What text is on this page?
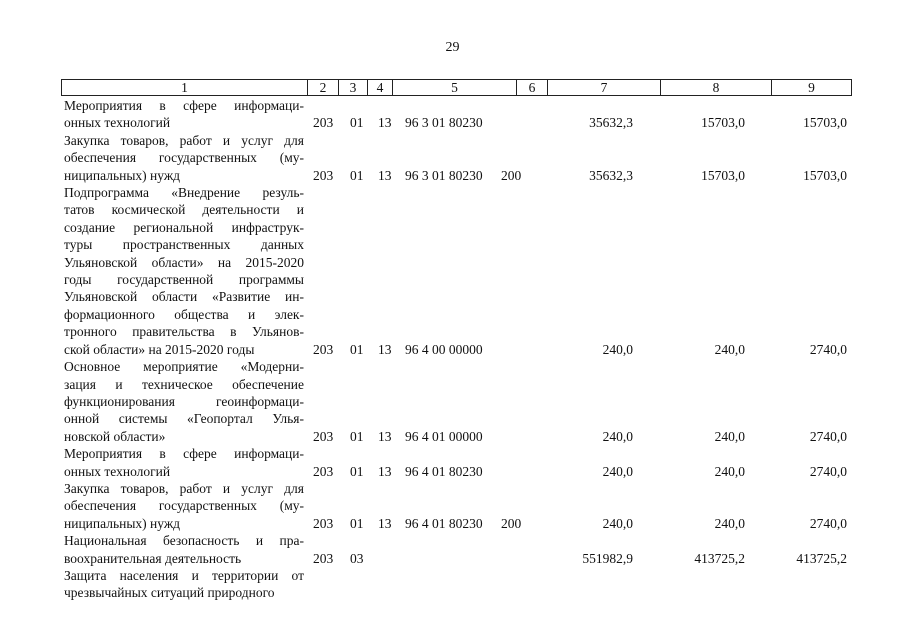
29
1	2	3	4	5	6	7	8	9
Мероприятия в сфере информаци-
онных технологий	203 01 13 96 3 01 80230	35632,3	15703,0	15703,0
Закупка товаров, работ и услуг для
обеспечения государственных (му-
ниципальных) нужд	203 01 13 96 3 01 80230 200	35632,3	15703,0	15703,0
Подпрограмма «Внедрение резуль-
татов космической деятельности и
создание региональной инфраструк-
туры пространственных данных
Ульяновской области» на 2015-2020
годы государственной программы
Ульяновской области «Развитие ин-
формационного общества и элек-
тронного правительства в Ульянов-
ской области» на 2015-2020 годы	203 01 13 96 4 00 00000	240,0	240,0	2740,0
Основное мероприятие «Модерни-
зация и техническое обеспечение
функционирования геоинформаци-
онной системы «Геопортал Улья-
новской области»	203 01 13 96 4 01 00000	240,0	240,0	2740,0
Мероприятия в сфере информаци-
онных технологий	203 01 13 96 4 01 80230	240,0	240,0	2740,0
Закупка товаров, работ и услуг для
обеспечения государственных (му-
ниципальных) нужд	203 01 13 96 4 01 80230 200	240,0	240,0	2740,0
Национальная безопасность и пра-
воохранительная деятельность	203 03	551982,9	413725,2	413725,2
Защита населения и территории от
чрезвычайных ситуаций природного
